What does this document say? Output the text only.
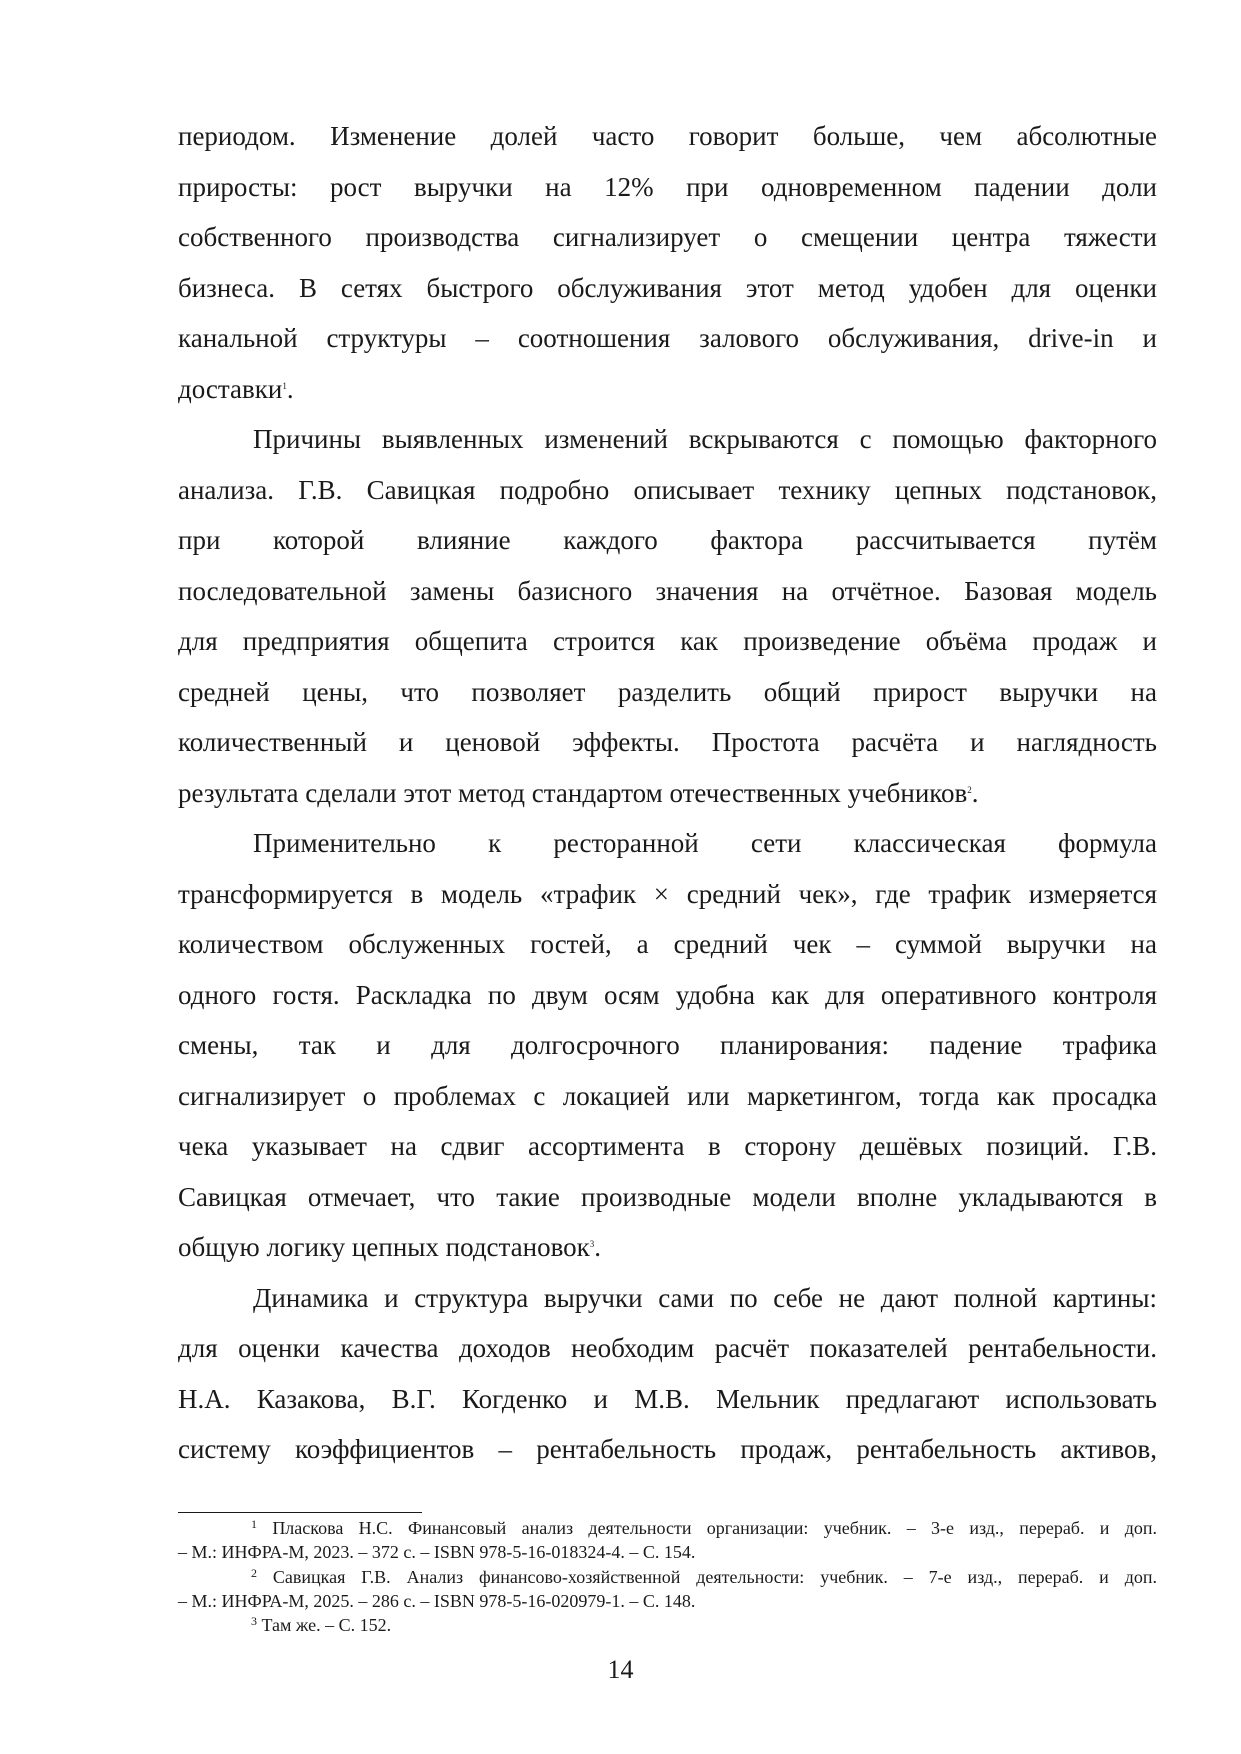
периодом. Изменение долей часто говорит больше, чем абсолютные
приросты: рост выручки на 12% при одновременном падении доли
собственного производства сигнализирует о смещении центра тяжести
бизнеса. В сетях быстрого обслуживания этот метод удобен для оценки
канальной структуры – соотношения залового обслуживания, drive-in и
доставки$^1$.
Причины выявленных изменений вскрываются с помощью факторного
анализа. Г.В. Савицкая подробно описывает технику цепных подстановок,
при которой влияние каждого фактора рассчитывается путём
последовательной замены базисного значения на отчётное. Базовая модель
для предприятия общепита строится как произведение объёма продаж и
средней цены, что позволяет разделить общий прирост выручки на
количественный и ценовой эффекты. Простота расчёта и наглядность
результата сделали этот метод стандартом отечественных учебников$^2$.
Применительно к ресторанной сети классическая формула
трансформируется в модель «трафик × средний чек», где трафик измеряется
количеством обслуженных гостей, а средний чек – суммой выручки на
одного гостя. Раскладка по двум осям удобна как для оперативного контроля
смены, так и для долгосрочного планирования: падение трафика
сигнализирует о проблемах с локацией или маркетингом, тогда как просадка
чека указывает на сдвиг ассортимента в сторону дешёвых позиций. Г.В.
Савицкая отмечает, что такие производные модели вполне укладываются в
общую логику цепных подстановок$^3$.
Динамика и структура выручки сами по себе не дают полной картины:
для оценки качества доходов необходим расчёт показателей рентабельности.
Н.А. Казакова, В.Г. Когденко и М.В. Мельник предлагают использовать
систему коэффициентов – рентабельность продаж, рентабельность активов,
$^1$ Пласкова Н.С. Финансовый анализ деятельности организации: учебник. – 3-е изд., перераб. и доп.
– М.: ИНФРА-М, 2023. – 372 с. – ISBN 978-5-16-018324-4. – С. 154.
$^2$ Савицкая Г.В. Анализ финансово-хозяйственной деятельности: учебник. – 7-е изд., перераб. и доп.
– М.: ИНФРА-М, 2025. – 286 с. – ISBN 978-5-16-020979-1. – С. 148.
$^3$ Там же. – С. 152.
14
